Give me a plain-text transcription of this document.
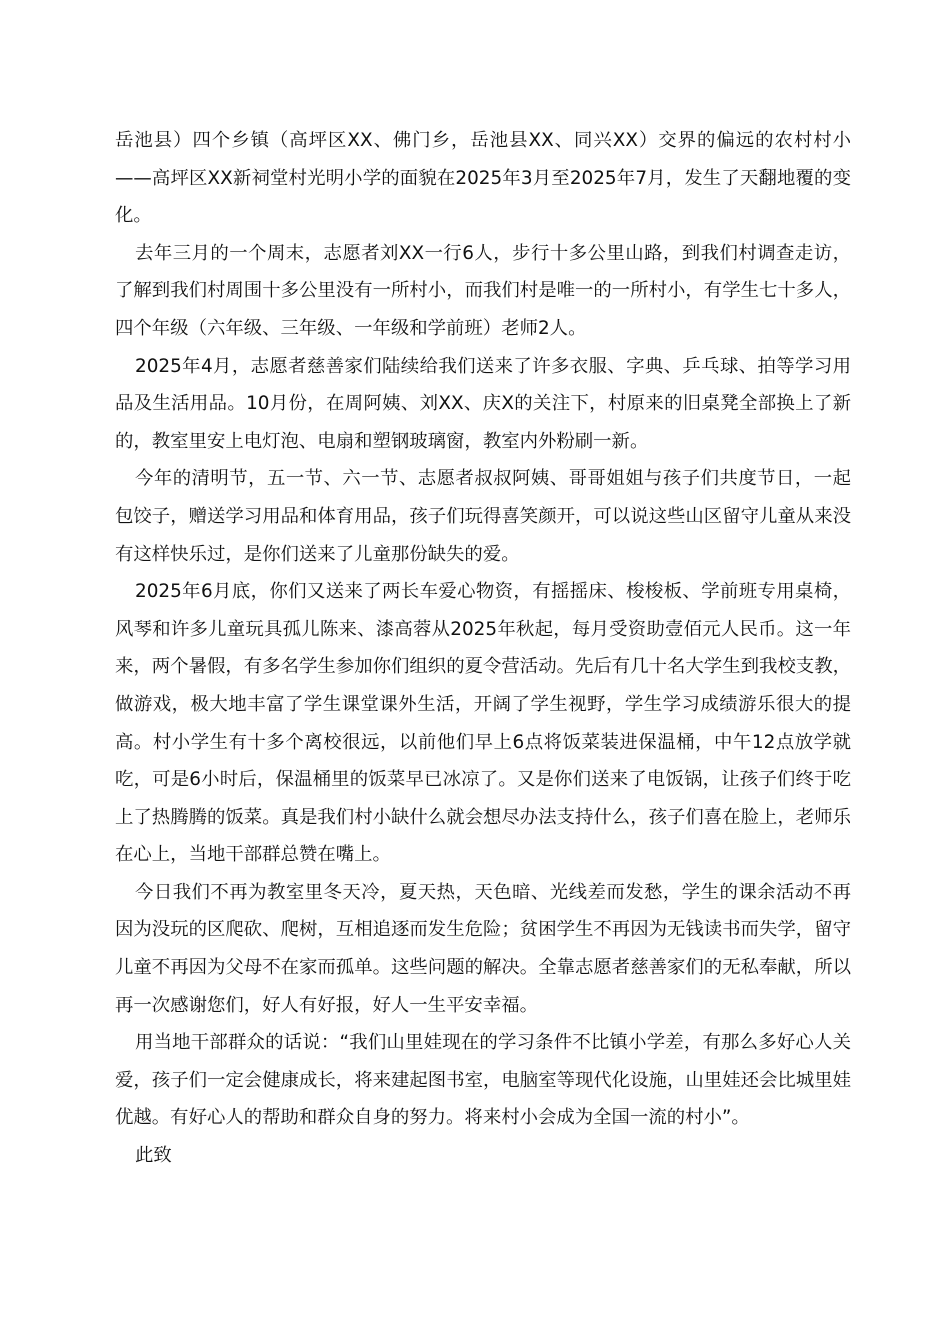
岳池县）四个乡镇（高坪区XX、佛门乡，岳池县XX、同兴XX）交界的偏远的农村村小——高坪区XX新祠堂村光明小学的面貌在2025年3月至2025年7月，发生了天翻地覆的变化。

去年三月的一个周末，志愿者刘XX一行6人，步行十多公里山路，到我们村调查走访，了解到我们村周围十多公里没有一所村小，而我们村是唯一的一所村小，有学生七十多人，四个年级（六年级、三年级、一年级和学前班）老师2人。

2025年4月，志愿者慈善家们陆续给我们送来了许多衣服、字典、乒乓球、拍等学习用品及生活用品。10月份，在周阿姨、刘XX、庆X的关注下，村原来的旧桌凳全部换上了新的，教室里安上电灯泡、电扇和塑钢玻璃窗，教室内外粉刷一新。

今年的清明节，五一节、六一节、志愿者叔叔阿姨、哥哥姐姐与孩子们共度节日，一起包饺子，赠送学习用品和体育用品，孩子们玩得喜笑颜开，可以说这些山区留守儿童从来没有这样快乐过，是你们送来了儿童那份缺失的爱。

2025年6月底，你们又送来了两长车爱心物资，有摇摇床、梭梭板、学前班专用桌椅，风琴和许多儿童玩具孤儿陈来、漆高蓉从2025年秋起，每月受资助壹佰元人民币。这一年来，两个暑假，有多名学生参加你们组织的夏令营活动。先后有几十名大学生到我校支教，做游戏，极大地丰富了学生课堂课外生活，开阔了学生视野，学生学习成绩游乐很大的提高。村小学生有十多个离校很远，以前他们早上6点将饭菜装进保温桶，中午12点放学就吃，可是6小时后，保温桶里的饭菜早已冰凉了。又是你们送来了电饭锅，让孩子们终于吃上了热腾腾的饭菜。真是我们村小缺什么就会想尽办法支持什么，孩子们喜在脸上，老师乐在心上，当地干部群总赞在嘴上。

今日我们不再为教室里冬天冷，夏天热，天色暗、光线差而发愁，学生的课余活动不再因为没玩的区爬砍、爬树，互相追逐而发生危险；贫困学生不再因为无钱读书而失学，留守儿童不再因为父母不在家而孤单。这些问题的解决。全靠志愿者慈善家们的无私奉献，所以再一次感谢您们，好人有好报，好人一生平安幸福。

用当地干部群众的话说：“我们山里娃现在的学习条件不比镇小学差，有那么多好心人关爱，孩子们一定会健康成长，将来建起图书室，电脑室等现代化设施，山里娃还会比城里娃优越。有好心人的帮助和群众自身的努力。将来村小会成为全国一流的村小”。

此致
